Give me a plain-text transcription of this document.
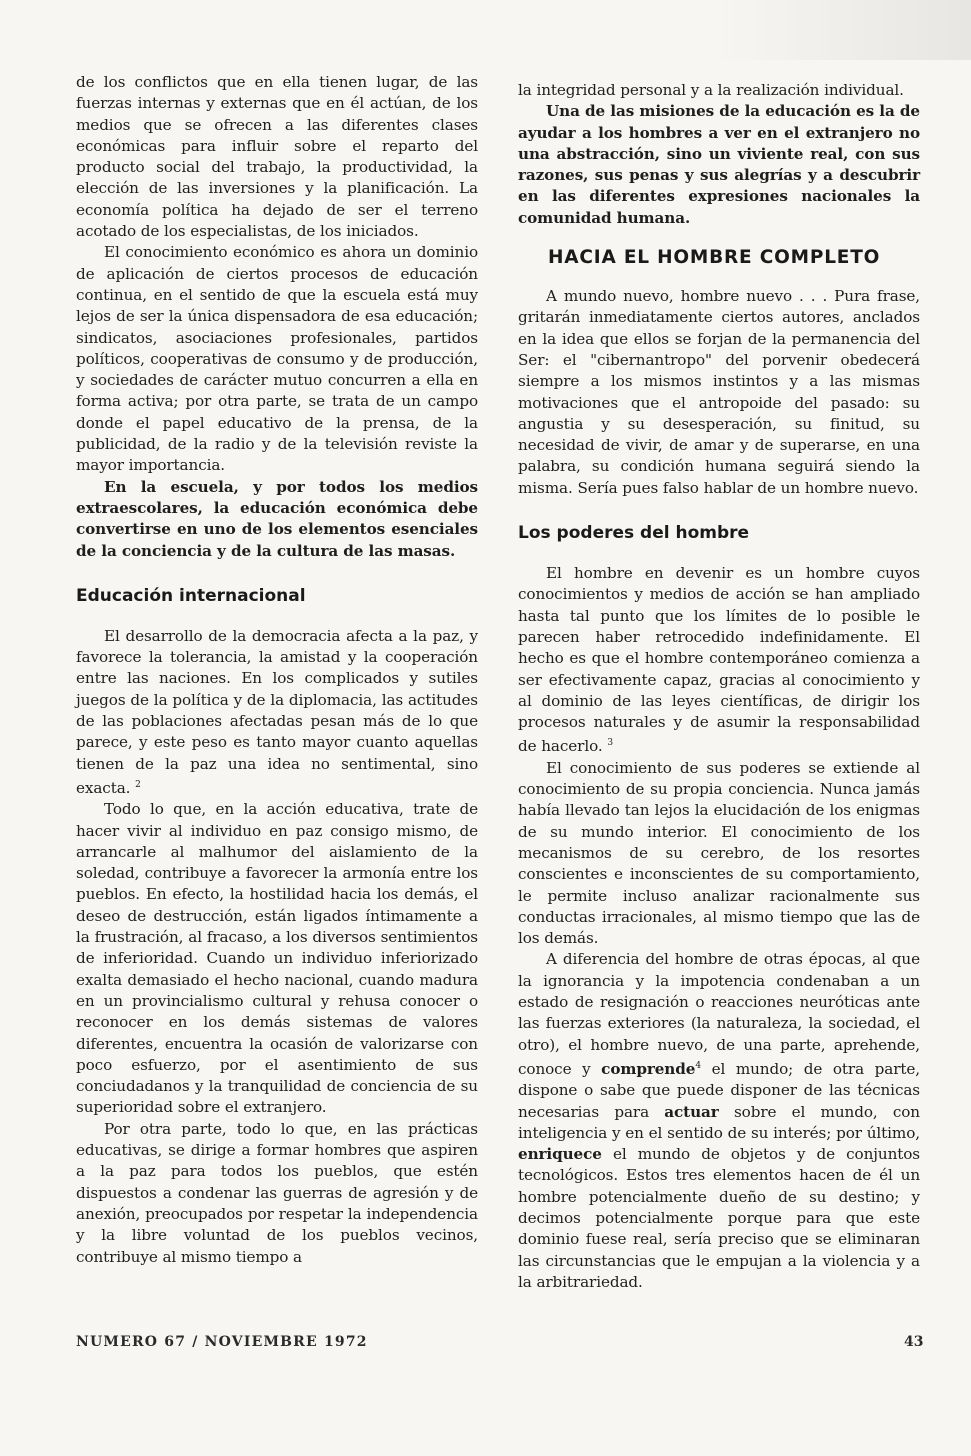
de los conflictos que en ella tienen lugar, de las fuerzas internas y externas que en él actúan, de los medios que se ofrecen a las diferentes clases económicas para influir sobre el reparto del producto social del trabajo, la productividad, la elección de las inversiones y la planificación. La economía política ha dejado de ser el terreno acotado de los especialistas, de los iniciados.

El conocimiento económico es ahora un dominio de aplicación de ciertos procesos de educación continua, en el sentido de que la escuela está muy lejos de ser la única dispensadora de esa educación; sindicatos, asociaciones profesionales, partidos políticos, cooperativas de consumo y de producción, y sociedades de carácter mutuo concurren a ella en forma activa; por otra parte, se trata de un campo donde el papel educativo de la prensa, de la publicidad, de la radio y de la televisión reviste la mayor importancia.

En la escuela, y por todos los medios extraescolares, la educación económica debe convertirse en uno de los elementos esenciales de la conciencia y de la cultura de las masas.

Educación internacional

El desarrollo de la democracia afecta a la paz, y favorece la tolerancia, la amistad y la cooperación entre las naciones. En los complicados y sutiles juegos de la política y de la diplomacia, las actitudes de las poblaciones afectadas pesan más de lo que parece, y este peso es tanto mayor cuanto aquellas tienen de la paz una idea no sentimental, sino exacta. $^2$

Todo lo que, en la acción educativa, trate de hacer vivir al individuo en paz consigo mismo, de arrancarle al malhumor del aislamiento de la soledad, contribuye a favorecer la armonía entre los pueblos. En efecto, la hostilidad hacia los demás, el deseo de destrucción, están ligados íntimamente a la frustración, al fracaso, a los diversos sentimientos de inferioridad. Cuando un individuo inferiorizado exalta demasiado el hecho nacional, cuando madura en un provincialismo cultural y rehusa conocer o reconocer en los demás sistemas de valores diferentes, encuentra la ocasión de valorizarse con poco esfuerzo, por el asentimiento de sus conciudadanos y la tranquilidad de conciencia de su superioridad sobre el extranjero.

Por otra parte, todo lo que, en las prácticas educativas, se dirige a formar hombres que aspiren a la paz para todos los pueblos, que estén dispuestos a condenar las guerras de agresión y de anexión, preocupados por respetar la independencia y la libre voluntad de los pueblos vecinos, contribuye al mismo tiempo a

la integridad personal y a la realización individual.

Una de las misiones de la educación es la de ayudar a los hombres a ver en el extranjero no una abstracción, sino un viviente real, con sus razones, sus penas y sus alegrías y a descubrir en las diferentes expresiones nacionales la comunidad humana.

HACIA EL HOMBRE COMPLETO

A mundo nuevo, hombre nuevo . . . Pura frase, gritarán inmediatamente ciertos autores, anclados en la idea que ellos se forjan de la permanencia del Ser: el "cibernantropo" del porvenir obedecerá siempre a los mismos instintos y a las mismas motivaciones que el antropoide del pasado: su angustia y su desesperación, su finitud, su necesidad de vivir, de amar y de superarse, en una palabra, su condición humana seguirá siendo la misma. Sería pues falso hablar de un hombre nuevo.

Los poderes del hombre

El hombre en devenir es un hombre cuyos conocimientos y medios de acción se han ampliado hasta tal punto que los límites de lo posible le parecen haber retrocedido indefinidamente. El hecho es que el hombre contemporáneo comienza a ser efectivamente capaz, gracias al conocimiento y al dominio de las leyes científicas, de dirigir los procesos naturales y de asumir la responsabilidad de hacerlo. $^3$

El conocimiento de sus poderes se extiende al conocimiento de su propia conciencia. Nunca jamás había llevado tan lejos la elucidación de los enigmas de su mundo interior. El conocimiento de los mecanismos de su cerebro, de los resortes conscientes e inconscientes de su comportamiento, le permite incluso analizar racionalmente sus conductas irracionales, al mismo tiempo que las de los demás.

A diferencia del hombre de otras épocas, al que la ignorancia y la impotencia condenaban a un estado de resignación o reacciones neuróticas ante las fuerzas exteriores (la naturaleza, la sociedad, el otro), el hombre nuevo, de una parte, aprehende, conoce y comprende$^4$ el mundo; de otra parte, dispone o sabe que puede disponer de las técnicas necesarias para actuar sobre el mundo, con inteligencia y en el sentido de su interés; por último, enriquece el mundo de objetos y de conjuntos tecnológicos. Estos tres elementos hacen de él un hombre potencialmente dueño de su destino; y decimos potencialmente porque para que este dominio fuese real, sería preciso que se eliminaran las circunstancias que le empujan a la violencia y a la arbitrariedad.

NUMERO 67 / NOVIEMBRE 1972	43
